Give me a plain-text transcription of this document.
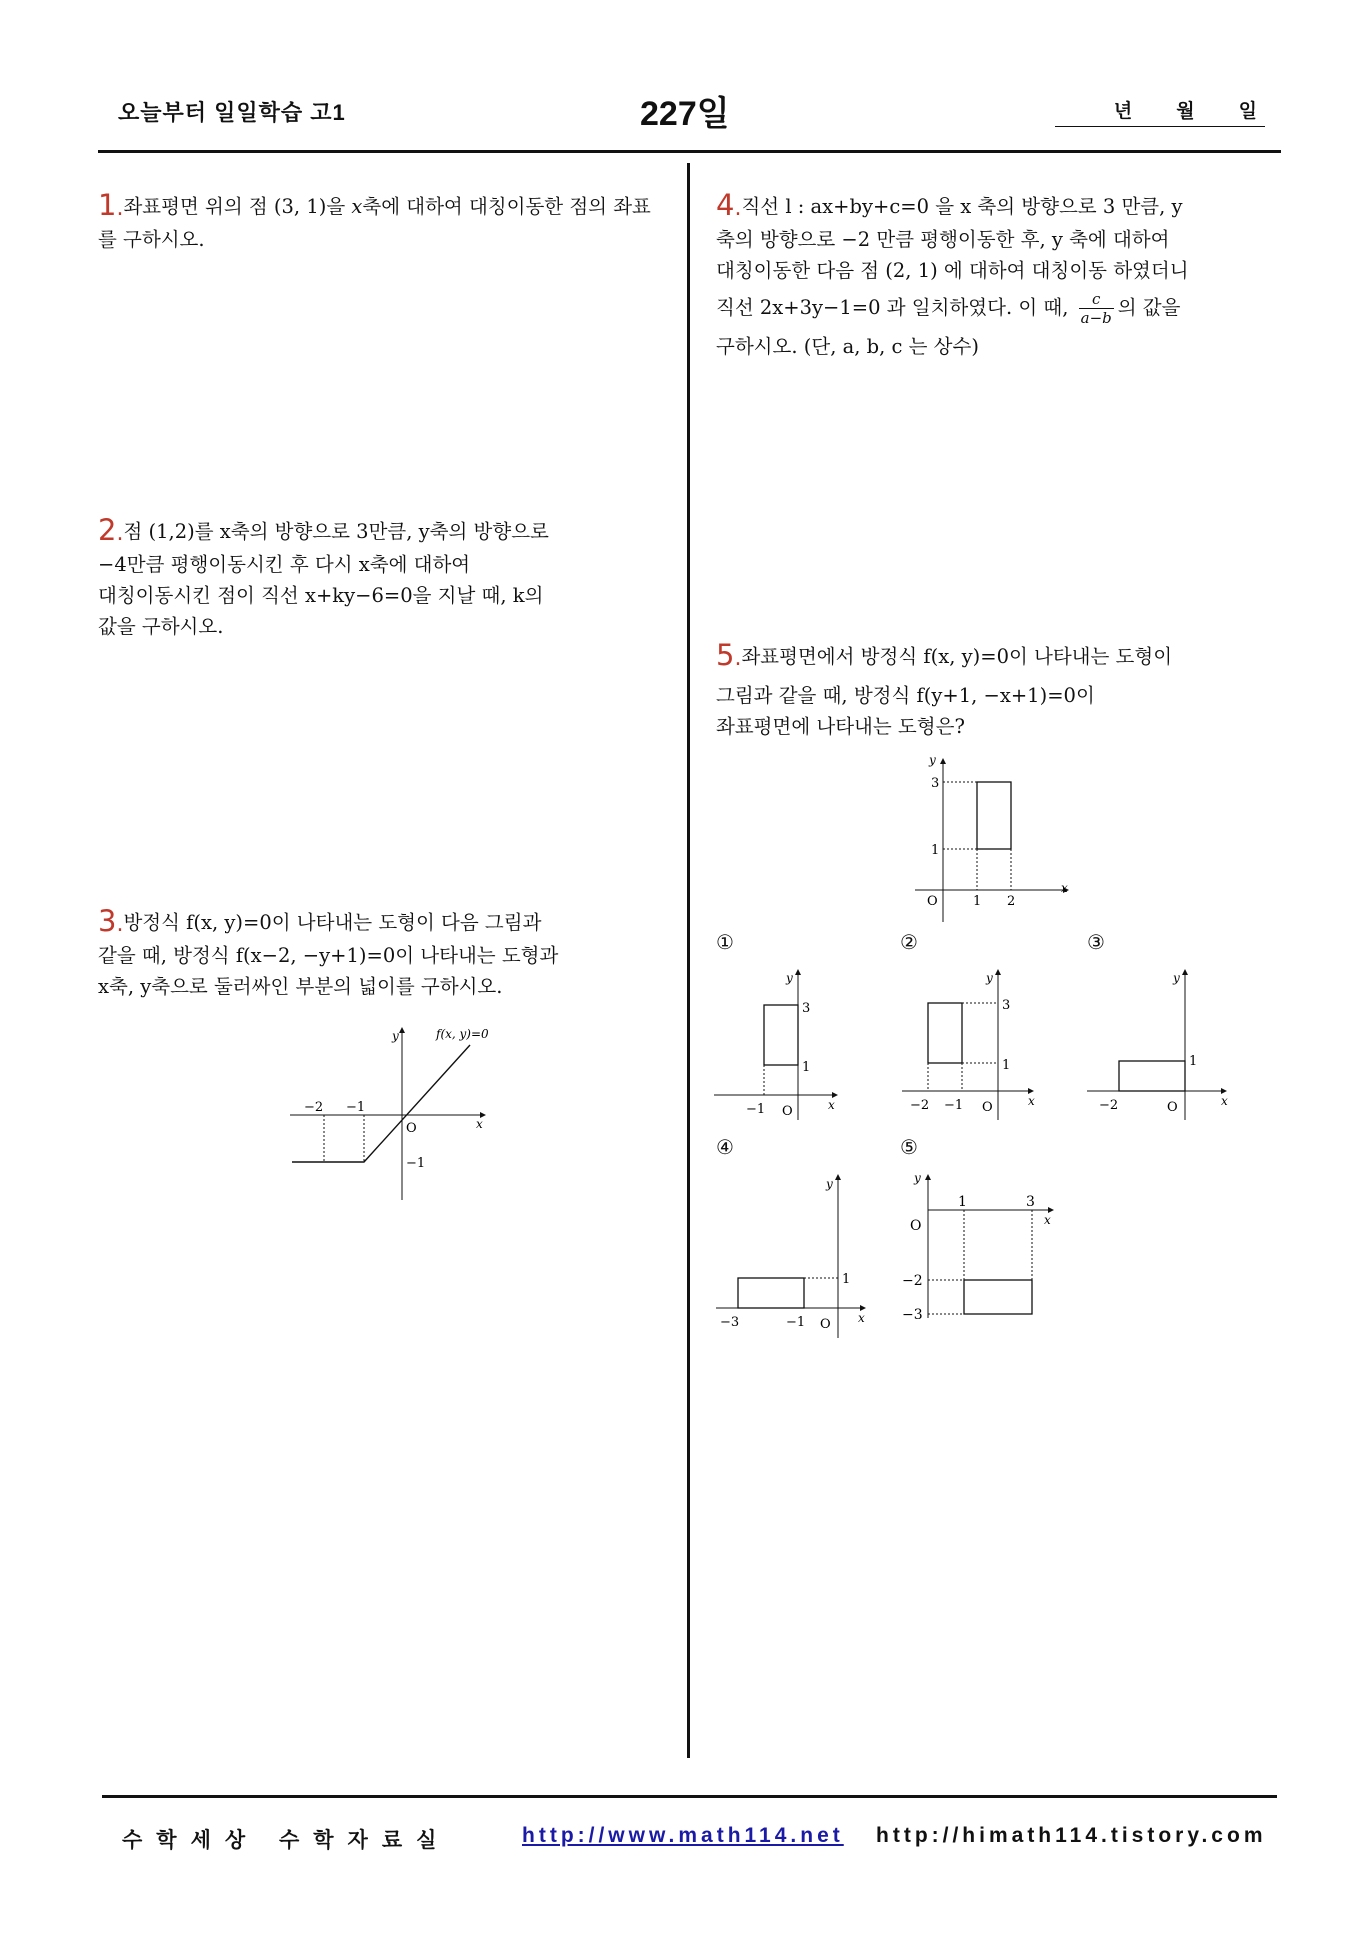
오늘부터 일일학습 고1	227일	년 월 일
1.좌표평면 위의 점 (3, 1)을 x축에 대하여 대칭이동한 점의 좌표를 구하시오.
2.점 (1,2)를 x축의 방향으로 3만큼, y축의 방향으로
−4만큼 평행이동시킨 후 다시 x축에 대하여
대칭이동시킨 점이 직선 x+ky−6=0을 지날 때, k의
값을 구하시오.
3.방정식 f(x, y)=0이 나타내는 도형이 다음 그림과
같을 때, 방정식 f(x−2, −y+1)=0이 나타내는 도형과
x축, y축으로 둘러싸인 부분의 넓이를 구하시오.
f(x, y)=0
−2 −1
O
−1
x
y
4.직선 l : ax+by+c=0 을 x 축의 방향으로 3 만큼, y
축의 방향으로 −2 만큼 평행이동한 후, y 축에 대하여
대칭이동한 다음 점 (2, 1) 에 대하여 대칭이동 하였더니
직선 2x+3y−1=0 과 일치하였다. 이 때, $\frac{c}{a-b}$ 의 값을
구하시오. (단, a, b, c 는 상수)
5.좌표평면에서 방정식 f(x, y)=0이 나타내는 도형이
그림과 같을 때, 방정식 f(y+1, −x+1)=0이
좌표평면에 나타내는 도형은?
3
1
O	1 2
x
y
①	②	③
④	⑤
3
1
−1 O	x
y
3
1
−2 −1 O	x
y
1
−2	O	x
y
1
−3	−1 O x
y
1	3
O
−2
−3
x
y
수학세상 수학자료실	http://www.math114.net http://himath114.tistory.com
